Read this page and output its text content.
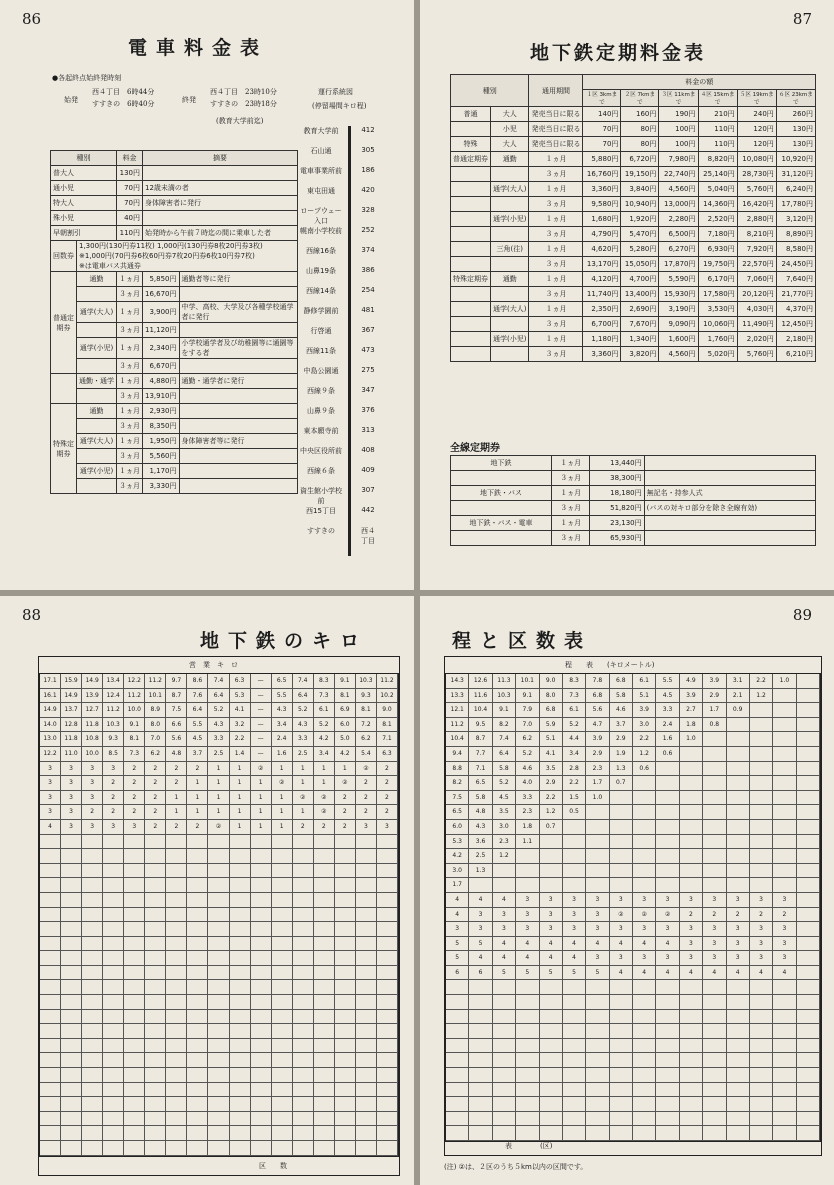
86
電車料金表
●各起終点始終発時刻
始発
西４丁目　6時44分
すすきの　6時40分	終発
西４丁目　23時10分
すすきの　23時18分
(教育大学前迄)
運行系統図
(停留場間キロ程)
種別		料金	摘要	
普大人		130円		
通小児		70円	12歳未満の者	
特大人		70円	身体障害者に発行	
殊小児		40円		
早朝割引		110円	始発時から午前７時迄の間に乗車した者	
回数券	1,300円(130円券11枚) 1,000円(130円券8枚20円券3枚)
※1,000円(70円券6枚60円券7枚20円券6枚10円券7枚)
※は電車バス共通券			

普通定期券	通勤	１ヵ月	5,850円	通勤者等に発行
		３ヵ月	16,670円	
	通学(大人)	１ヵ月	3,900円	中学、高校、大学及び各種学校通学者に発行
		３ヵ月	11,120円	
	通学(小児)	１ヵ月	2,340円	小学校通学者及び幼稚園等に通園等をする者
		３ヵ月	6,670円	
	通勤・通学	１ヵ月	4,880円	通勤・通学者に発行
		３ヵ月	13,910円	
特殊定期券	通勤	１ヵ月	2,930円	
		３ヵ月	8,350円	
	通学(大人)	１ヵ月	1,950円	身体障害者等に発行
		３ヵ月	5,560円	
	通学(小児)	１ヵ月	1,170円	
		３ヵ月	3,330円	
教育大学前	412
石山通	305
電車事業所前	186
東屯田通	420
ロープウェー入口
328
幌南小学校前	252
西線16条	374
山鼻19条	386
西線14条	254
静修学園前	481
行啓通	367
西線11条	473
中島公園通	275
西線９条	347
山鼻９条	376
東本願寺前	313
中央区役所前	408
西線６条	409
資生館小学校前
307
西15丁目	442
すすきの	西４丁目
87
地下鉄定期料金表
種別		通用期間	料金の額					
			１区 3kmまで	２区 7kmまで	３区 11kmまで	４区 15kmまで	５区 19kmまで	６区 23kmまで
普通	大人	発売当日に限る	140円	160円	190円	210円	240円	260円
	小児	発売当日に限る	70円	80円	100円	110円	120円	130円
特殊	大人	発売当日に限る	70円	80円	100円	110円	120円	130円
普通定期券	通勤	１ヵ月	5,880円	6,720円	7,980円	8,820円	10,080円	10,920円
		３ヵ月	16,760円	19,150円	22,740円	25,140円	28,730円	31,120円
	通学(大人)	１ヵ月	3,360円	3,840円	4,560円	5,040円	5,760円	6,240円
		３ヵ月	9,580円	10,940円	13,000円	14,360円	16,420円	17,780円
	通学(小児)	１ヵ月	1,680円	1,920円	2,280円	2,520円	2,880円	3,120円
		３ヵ月	4,790円	5,470円	6,500円	7,180円	8,210円	8,890円
	三角(往)	１ヵ月	4,620円	5,280円	6,270円	6,930円	7,920円	8,580円
		３ヵ月	13,170円	15,050円	17,870円	19,750円	22,570円	24,450円
特殊定期券	通勤	１ヵ月	4,120円	4,700円	5,590円	6,170円	7,060円	7,640円
		３ヵ月	11,740円	13,400円	15,930円	17,580円	20,120円	21,770円
	通学(大人)	１ヵ月	2,350円	2,690円	3,190円	3,530円	4,030円	4,370円
		３ヵ月	6,700円	7,670円	9,090円	10,060円	11,490円	12,450円
	通学(小児)	１ヵ月	1,180円	1,340円	1,600円	1,760円	2,020円	2,180円
		３ヵ月	3,360円	3,820円	4,560円	5,020円	5,760円	6,210円
全線定期券
地下鉄	１ヵ月	13,440円	
	３ヵ月	38,300円	
地下鉄・バス	１ヵ月	18,180円	無記名・持参人式
	３ヵ月	51,820円	(バスの対キロ部分を除き全線有効)
地下鉄・バス・電車	１ヵ月	23,130円	
	３ヵ月	65,930円	
88
地下鉄のキロ
営　業　キ　ロ
17.1	15.9	14.9	13.4	12.2	11.2	9.7	8.6	7.4	6.3	—	6.5	7.4	8.3	9.1	10.3	11.2
16.1	14.9	13.9	12.4	11.2	10.1	8.7	7.6	6.4	5.3	—	5.5	6.4	7.3	8.1	9.3	10.2
14.9	13.7	12.7	11.2	10.0	8.9	7.5	6.4	5.2	4.1	—	4.3	5.2	6.1	6.9	8.1	9.0
14.0	12.8	11.8	10.3	9.1	8.0	6.6	5.5	4.3	3.2	—	3.4	4.3	5.2	6.0	7.2	8.1
13.0	11.8	10.8	9.3	8.1	7.0	5.6	4.5	3.3	2.2	—	2.4	3.3	4.2	5.0	6.2	7.1
12.2	11.0	10.0	8.5	7.3	6.2	4.8	3.7	2.5	1.4	—	1.6	2.5	3.4	4.2	5.4	6.3
3	3	3	3	2	2	2	2	1	1	②	1	1	1	1	②	2
3	3	3	2	2	2	2	1	1	1	1	②	1	1	②	2	2
3	3	3	2	2	2	1	1	1	1	1	1	②	②	2	2	2
3	3	2	2	2	2	1	1	1	1	1	1	1	②	2	2	2
4	3	3	3	3	2	2	2	②	1	1	1	2	2	2	3	3
区　　数
89
程と区数表
程　　表　　(キロメートル)
14.3	12.6	11.3	10.1	9.0	8.3	7.8	6.8	6.1	5.5	4.9	3.9	3.1	2.2	1.0
13.3	11.6	10.3	9.1	8.0	7.3	6.8	5.8	5.1	4.5	3.9	2.9	2.1	1.2
12.1	10.4	9.1	7.9	6.8	6.1	5.6	4.6	3.9	3.3	2.7	1.7	0.9
11.2	9.5	8.2	7.0	5.9	5.2	4.7	3.7	3.0	2.4	1.8	0.8
10.4	8.7	7.4	6.2	5.1	4.4	3.9	2.9	2.2	1.6	1.0
9.4	7.7	6.4	5.2	4.1	3.4	2.9	1.9	1.2	0.6
8.8	7.1	5.8	4.6	3.5	2.8	2.3	1.3	0.6
8.2	6.5	5.2	4.0	2.9	2.2	1.7	0.7
7.5	5.8	4.5	3.3	2.2	1.5	1.0
6.5	4.8	3.5	2.3	1.2	0.5
6.0	4.3	3.0	1.8	0.7
5.3	3.6	2.3	1.1
4.2	2.5	1.2
3.0	1.3
1.7
4	4	4	3	3	3	3	3	3	3	3	3	3	3	3
4	3	3	3	3	3	3	②	②	②	2	2	2	2	2
3	3	3	3	3	3	3	3	3	3	3	3	3	3	3
5	5	4	4	4	4	4	4	4	4	3	3	3	3	3
5	4	4	4	4	4	3	3	3	3	3	3	3	3	3
6	6	5	5	5	5	5	4	4	4	4	4	4	4	4
表　　　　(区)
(注) ②は、２区のうち５km以内の区間です。
